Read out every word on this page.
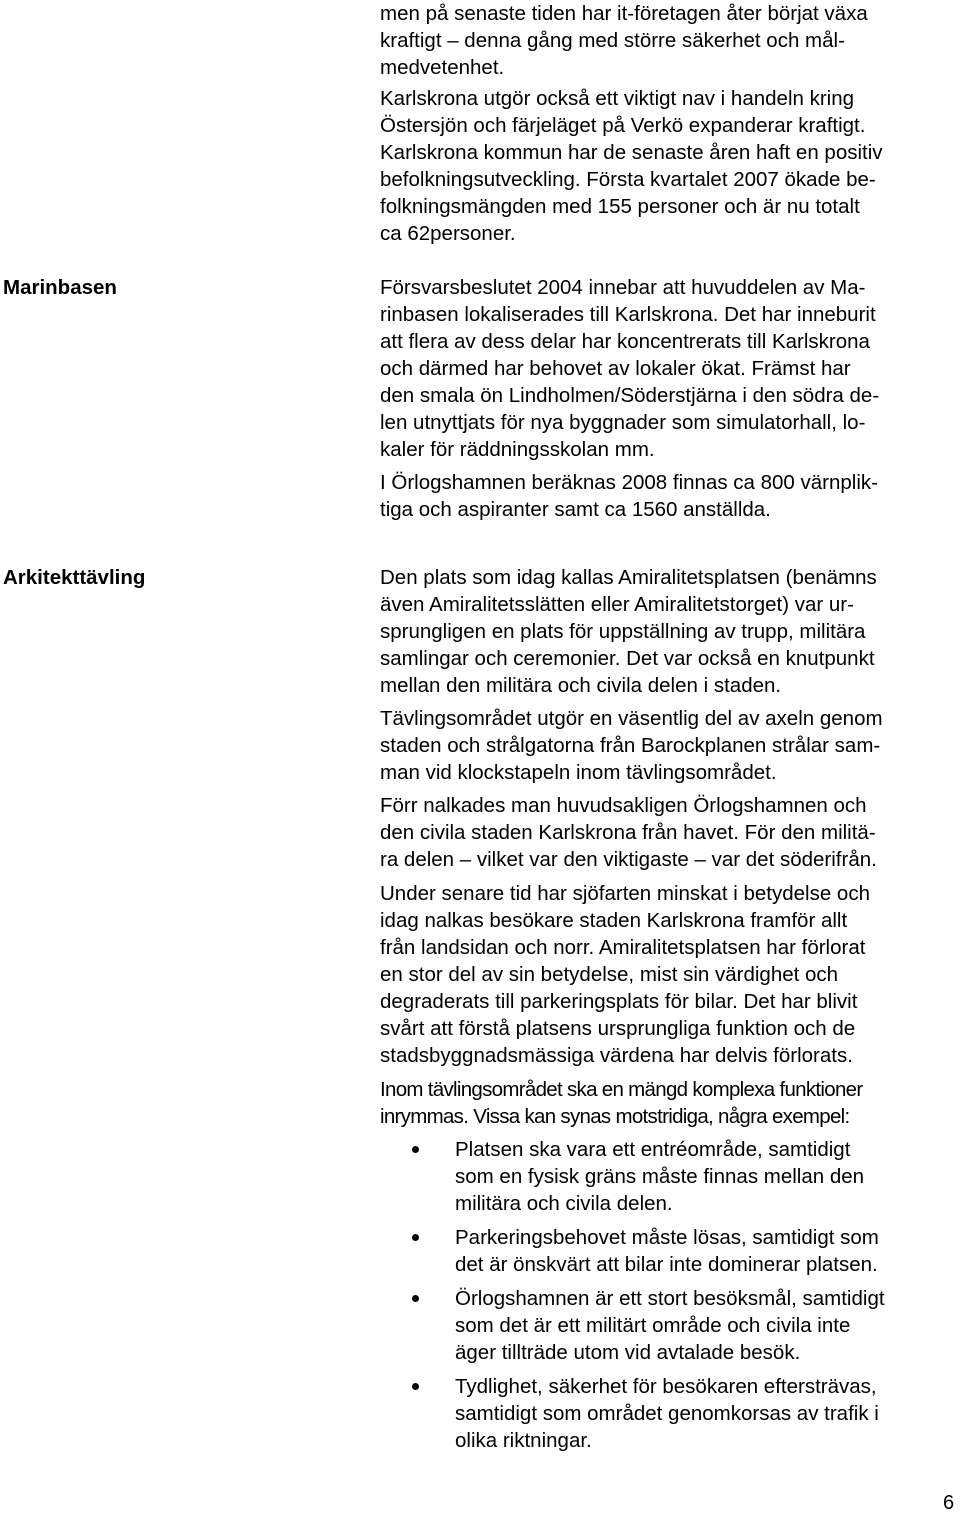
men på senaste tiden har it-företagen åter börjat växa

kraftigt – denna gång med större säkerhet och mål-

medvetenhet.

Karlskrona utgör också ett viktigt nav i handeln kring

Östersjön och färjeläget på Verkö expanderar kraftigt.

Karlskrona kommun har de senaste åren haft en positiv

befolkningsutveckling. Första kvartalet 2007 ökade be-

folkningsmängden med 155 personer och är nu totalt

ca 62personer.

Marinbasen	Försvarsbeslutet 2004 innebar att huvuddelen av Ma-

rinbasen lokaliserades till Karlskrona. Det har inneburit

att flera av dess delar har koncentrerats till Karlskrona

och därmed har behovet av lokaler ökat. Främst har

den smala ön Lindholmen/Söderstjärna i den södra de-

len utnyttjats för nya byggnader som simulatorhall, lo-

kaler för räddningsskolan mm.

I Örlogshamnen beräknas 2008 finnas ca 800 värnplik-

tiga och aspiranter samt ca 1560 anställda.

Arkitekttävling	Den plats som idag kallas Amiralitetsplatsen (benämns

även Amiralitetsslätten eller Amiralitetstorget) var ur-

sprungligen en plats för uppställning av trupp, militära

samlingar och ceremonier. Det var också en knutpunkt

mellan den militära och civila delen i staden.

Tävlingsområdet utgör en väsentlig del av axeln genom

staden och strålgatorna från Barockplanen strålar sam-

man vid klockstapeln inom tävlingsområdet.

Förr nalkades man huvudsakligen Örlogshamnen och

den civila staden Karlskrona från havet. För den militä-

ra delen – vilket var den viktigaste – var det söderifrån.

Under senare tid har sjöfarten minskat i betydelse och

idag nalkas besökare staden Karlskrona framför allt

från landsidan och norr. Amiralitetsplatsen har förlorat

en stor del av sin betydelse, mist sin värdighet och

degraderats till parkeringsplats för bilar. Det har blivit

svårt att förstå platsens ursprungliga funktion och de

stadsbyggnadsmässiga värdena har delvis förlorats.

Inom tävlingsområdet ska en mängd komplexa funktioner

inrymmas. Vissa kan synas motstridiga, några exempel:

Platsen ska vara ett entréområde, samtidigt
som en fysisk gräns måste finnas mellan den
militära och civila delen.
Parkeringsbehovet måste lösas, samtidigt som
det är önskvärt att bilar inte dominerar platsen.
Örlogshamnen är ett stort besöksmål, samtidigt
som det är ett militärt område och civila inte
äger tillträde utom vid avtalade besök.
Tydlighet, säkerhet för besökaren eftersträvas,
samtidigt som området genomkorsas av trafik i
olika riktningar.
6
